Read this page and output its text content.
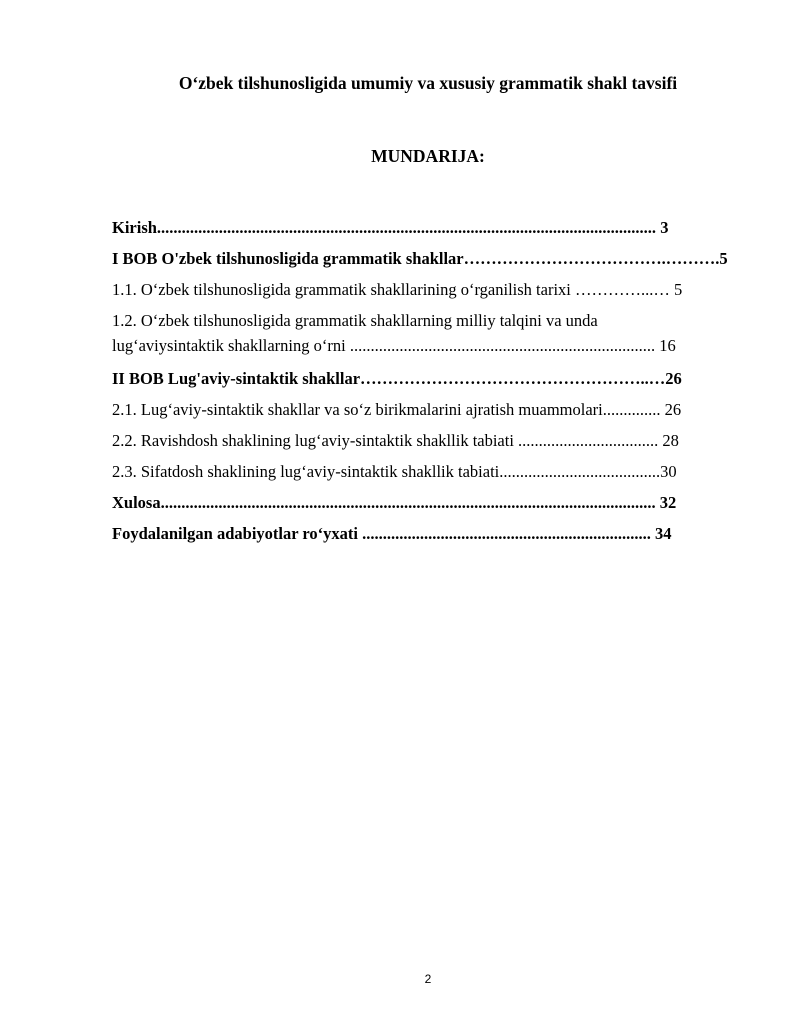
O‘zbek tilshunosligida umumiy va xususiy grammatik shakl tavsifi
MUNDARIJA:
Kirish......................................................................................................................... 3
I BOB O'zbek tilshunosligida grammatik shakllar……………………………….……….5
1.1. O‘zbek tilshunosligida grammatik shakllarining o‘rganilish tarixi …………...… 5
1.2. O‘zbek tilshunosligida grammatik shakllarning milliy talqini va unda
lug‘aviysintaktik shakllarning o‘rni .......................................................................... 16
II BOB Lug'aviy-sintaktik shakllar……………………………………………..…26
2.1. Lug‘aviy-sintaktik shakllar va so‘z birikmalarini ajratish muammolari.............. 26
2.2. Ravishdosh shaklining lug‘aviy-sintaktik shakllik tabiati .................................. 28
2.3. Sifatdosh shaklining lug‘aviy-sintaktik shakllik tabiati.......................................30
Xulosa........................................................................................................................ 32
Foydalanilgan adabiyotlar ro‘yxati ...................................................................... 34
2
